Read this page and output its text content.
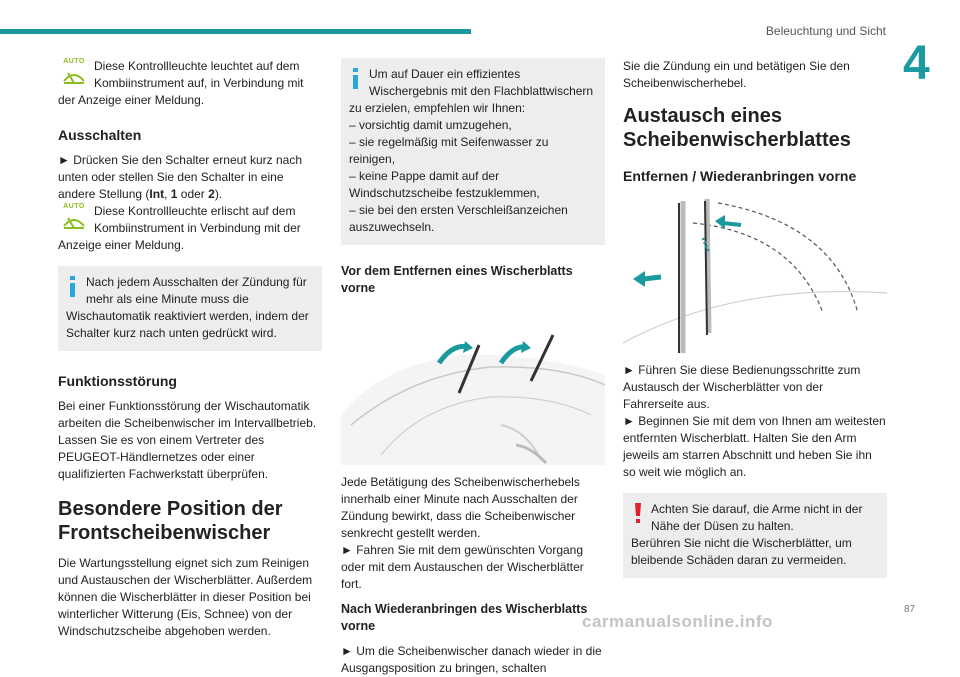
Beleuchtung und Sicht
4
AUTO Diese Kontrollleuchte leuchtet auf dem Kombiinstrument auf, in Verbindung mit der Anzeige einer Meldung.

Ausschalten

► Drücken Sie den Schalter erneut kurz nach unten oder stellen Sie den Schalter in eine andere Stellung (Int, 1 oder 2).

AUTO Diese Kontrollleuchte erlischt auf dem Kombiinstrument in Verbindung mit der Anzeige einer Meldung.

Nach jedem Ausschalten der Zündung für mehr als eine Minute muss die Wischautomatik reaktiviert werden, indem der Schalter kurz nach unten gedrückt wird.

Funktionsstörung

Bei einer Funktionsstörung der Wischautomatik arbeiten die Scheibenwischer im Intervallbetrieb. Lassen Sie es von einem Vertreter des PEUGEOT-Händlernetzes oder einer qualifizierten Fachwerkstatt überprüfen.

Besondere Position der Frontscheibenwischer

Die Wartungsstellung eignet sich zum Reinigen und Austauschen der Wischerblätter. Außerdem können die Wischerblätter in dieser Position bei winterlicher Witterung (Eis, Schnee) von der Windschutzscheibe abgehoben werden.

Um auf Dauer ein effizientes Wischergebnis mit den Flachblattwischern zu erzielen, empfehlen wir Ihnen:

– vorsichtig damit umzugehen,

– sie regelmäßig mit Seifenwasser zu reinigen,

– keine Pappe damit auf der Windschutzscheibe festzuklemmen,

– sie bei den ersten Verschleißanzeichen auszuwechseln.

Vor dem Entfernen eines Wischerblatts vorne

Jede Betätigung des Scheibenwischerhebels innerhalb einer Minute nach Ausschalten der Zündung bewirkt, dass die Scheibenwischer senkrecht gestellt werden.

► Fahren Sie mit dem gewünschten Vorgang oder mit dem Austauschen der Wischerblätter fort.

Nach Wiederanbringen des Wischerblatts vorne

► Um die Scheibenwischer danach wieder in die Ausgangsposition zu bringen, schalten

Sie die Zündung ein und betätigen Sie den Scheibenwischerhebel.

Austausch eines Scheibenwischerblattes
Entfernen / Wiederanbringen vorne

► Führen Sie diese Bedienungsschritte zum Austausch der Wischerblätter von der Fahrerseite aus.

► Beginnen Sie mit dem von Ihnen am weitesten entfernten Wischerblatt. Halten Sie den Arm jeweils am starren Abschnitt und heben Sie ihn so weit wie möglich an.

Achten Sie darauf, die Arme nicht in der Nähe der Düsen zu halten.

Berühren Sie nicht die Wischerblätter, um bleibende Schäden daran zu vermeiden.

87
carmanualsonline.info
